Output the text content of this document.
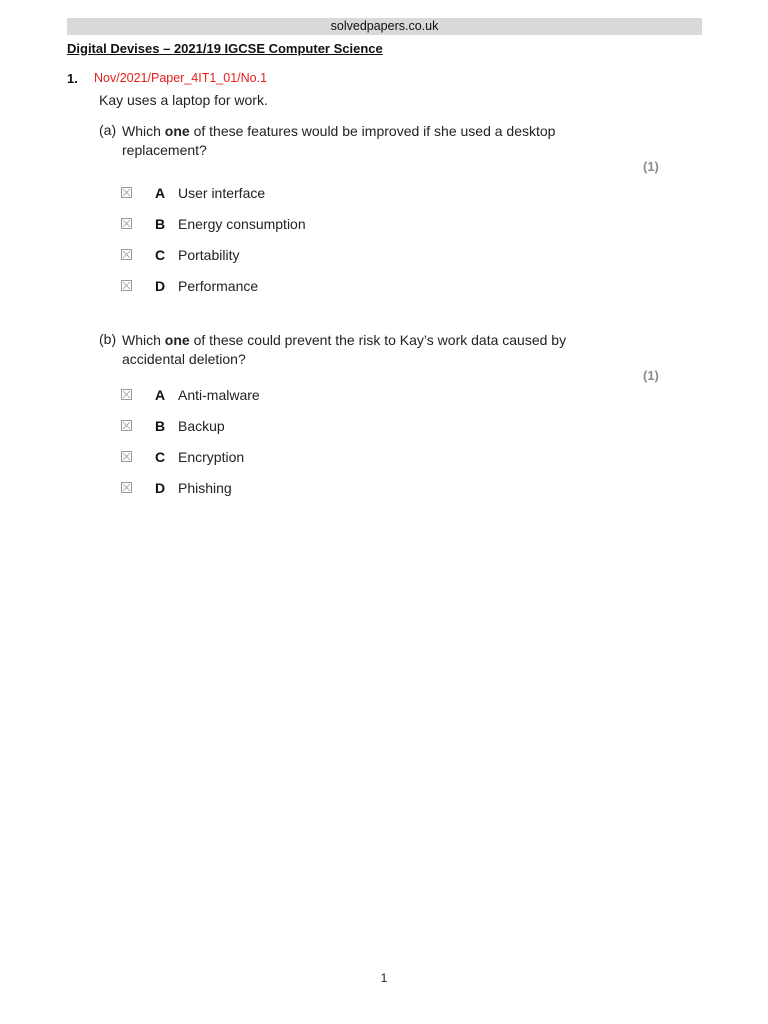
solvedpapers.co.uk
Digital Devises – 2021/19 IGCSE Computer Science
1. Nov/2021/Paper_4IT1_01/No.1
Kay uses a laptop for work.
(a) Which one of these features would be improved if she used a desktop replacement?
(1)
A User interface
B Energy consumption
C Portability
D Performance
(b) Which one of these could prevent the risk to Kay’s work data caused by accidental deletion?
(1)
A Anti-malware
B Backup
C Encryption
D Phishing
1
